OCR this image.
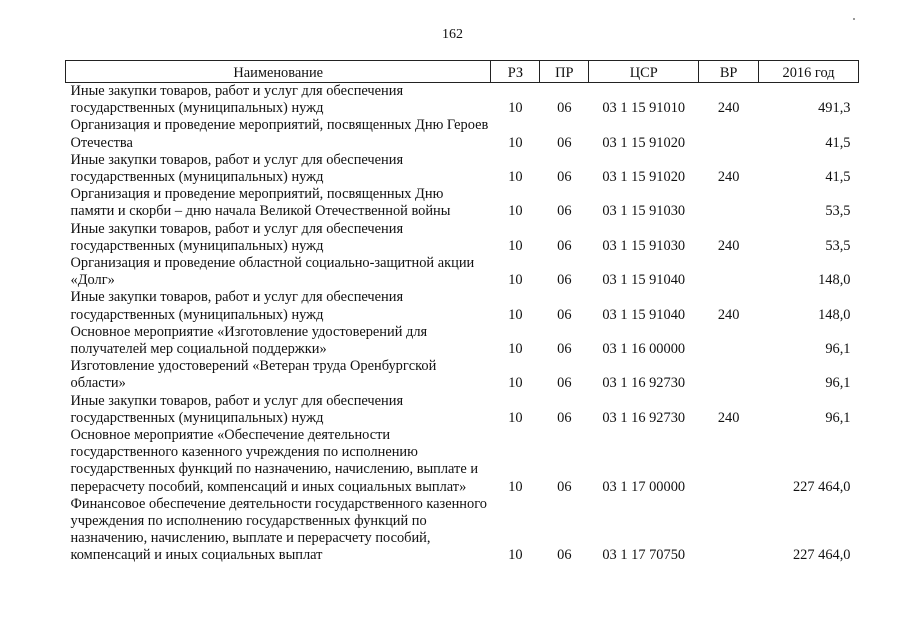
162
Наименование	РЗ	ПР	ЦСР	ВР	2016 год
Иные закупки товаров, работ и услуг для обеспечения государственных (муниципальных) нужд	10	06	03 1 15 91010	240	491,3
Организация и проведение мероприятий, посвященных Дню Героев Отечества	10	06	03 1 15 91020		41,5
Иные закупки товаров, работ и услуг для обеспечения государственных (муниципальных) нужд	10	06	03 1 15 91020	240	41,5
Организация и проведение мероприятий, посвященных Дню памяти и скорби – дню начала Великой Отечественной войны	10	06	03 1 15 91030		53,5
Иные закупки товаров, работ и услуг для обеспечения государственных (муниципальных) нужд	10	06	03 1 15 91030	240	53,5
Организация и проведение областной социально-защитной акции «Долг»	10	06	03 1 15 91040		148,0
Иные закупки товаров, работ и услуг для обеспечения государственных (муниципальных) нужд	10	06	03 1 15 91040	240	148,0
Основное мероприятие «Изготовление удостоверений для получателей мер социальной поддержки»	10	06	03 1 16 00000		96,1
Изготовление удостоверений «Ветеран труда Оренбургской области»	10	06	03 1 16 92730		96,1
Иные закупки товаров, работ и услуг для обеспечения государственных (муниципальных) нужд	10	06	03 1 16 92730	240	96,1
Основное мероприятие «Обеспечение деятельности государственного казенного учреждения по исполнению государственных функций по назначению, начислению, выплате и перерасчету пособий, компенсаций и иных социальных выплат»	10	06	03 1 17 00000		227 464,0
Финансовое обеспечение деятельности государственного казенного учреждения по исполнению государственных функций по назначению, начислению, выплате и перерасчету пособий, компенсаций и иных социальных выплат	10	06	03 1 17 70750		227 464,0
